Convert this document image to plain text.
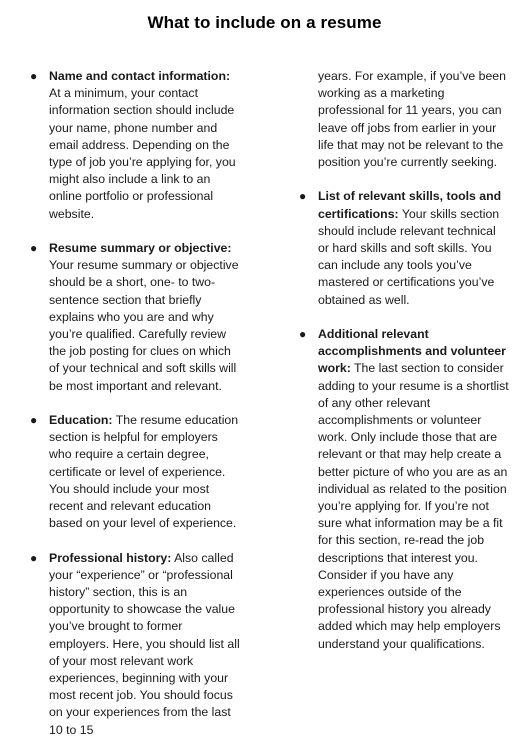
What to include on a resume
● Name and contact information: At a minimum, your contact information section should include your name, phone number and email address. Depending on the type of job you’re applying for, you might also include a link to an online portfolio or professional website.
● Resume summary or objective: Your resume summary or objective should be a short, one- to two-sentence section that briefly explains who you are and why you’re qualified. Carefully review the job posting for clues on which of your technical and soft skills will be most important and relevant.
● Education: The resume education section is helpful for employers who require a certain degree, certificate or level of experience. You should include your most recent and relevant education based on your level of experience.
● Professional history: Also called your “experience” or “professional history” section, this is an opportunity to showcase the value you’ve brought to former employers. Here, you should list all of your most relevant work experiences, beginning with your most recent job. You should focus on your experiences from the last 10 to 15
years. For example, if you’ve been working as a marketing professional for 11 years, you can leave off jobs from earlier in your life that may not be relevant to the position you’re currently seeking.
● List of relevant skills, tools and certifications: Your skills section should include relevant technical or hard skills and soft skills. You can include any tools you’ve mastered or certifications you’ve obtained as well.
● Additional relevant accomplishments and volunteer work: The last section to consider adding to your resume is a shortlist of any other relevant accomplishments or volunteer work. Only include those that are relevant or that may help create a better picture of who you are as an individual as related to the position you’re applying for. If you’re not sure what information may be a fit for this section, re-read the job descriptions that interest you. Consider if you have any experiences outside of the professional history you already added which may help employers understand your qualifications.
